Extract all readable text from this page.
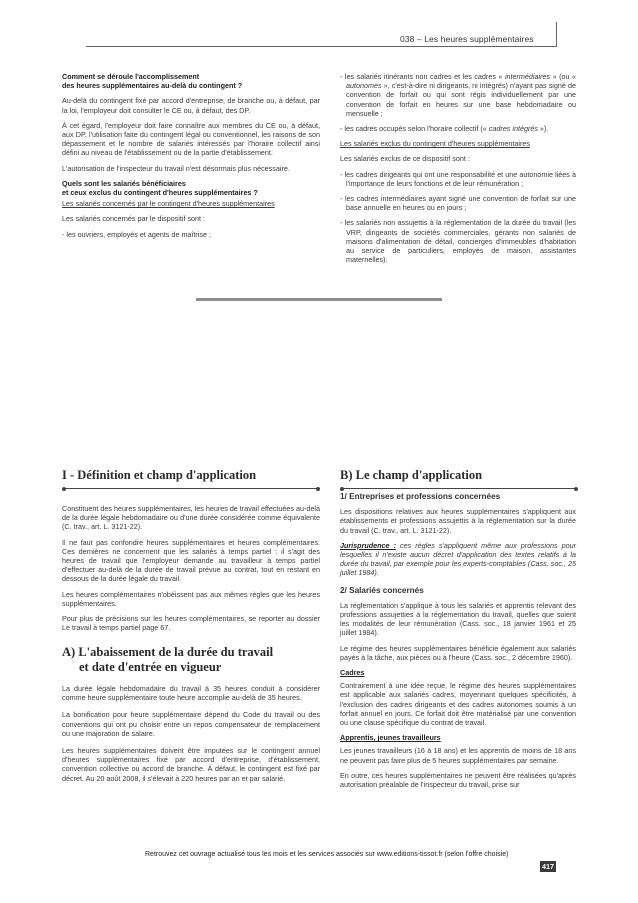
038 – Les heures supplémentaires
Comment se déroule l'accomplissement
des heures supplémentaires au-delà du contingent ?

Au-delà du contingent fixé par accord d'entreprise, de branche ou, à défaut, par la loi, l'employeur doit consulter le CE ou, à défaut, des DP.

À cet égard, l'employeur doit faire connaître aux membres du CE ou, à défaut, aux DP, l'utilisation faite du contingent légal ou conventionnel, les raisons de son dépassement et le nombre de salariés intéressés par l'horaire collectif ainsi défini au niveau de l'établissement ou de la partie d'établissement.

L'autorisation de l'inspecteur du travail n'est désormais plus nécessaire.

Quels sont les salariés bénéficiaires
et ceux exclus du contingent d'heures supplémentaires ?

Les salariés concernés par le contingent d'heures supplémentaires

Les salariés concernés par le dispositif sont :

- les ouvriers, employés et agents de maîtrise ;

- les salariés itinérants non cadres et les cadres « intermédiaires » (ou « autonomes », c'est-à-dire ni dirigeants, ni intégrés) n'ayant pas signé de convention de forfait ou qui sont régis individuellement par une convention de forfait en heures sur une base hebdomadaire ou mensuelle ;

- les cadres occupés selon l'horaire collectif (« cadres intégrés »).

Les salariés exclus du contingent d'heures supplémentaires

Les salariés exclus de ce dispositif sont :

- les cadres dirigeants qui ont une responsabilité et une autonomie liées à l'importance de leurs fonctions et de leur rémunération ;

- les cadres intermédiaires ayant signé une convention de forfait sur une base annuelle en heures ou en jours ;

- les salariés non assujettis à la réglementation de la durée du travail (les VRP, dirigeants de sociétés commerciales, gérants non salariés de maisons d'alimentation de détail, concierges d'immeubles d'habitation au service de particuliers, employés de maison, assistantes maternelles).

I - Définition et champ d'application

Constituent des heures supplémentaires, les heures de travail effectuées au-delà de la durée légale hebdomadaire ou d'une durée considérée comme équivalente (C. trav., art. L. 3121-22).

Il ne faut pas confondre heures supplémentaires et heures complémentaires. Ces dernières ne concernent que les salariés à temps partiel : il s'agit des heures de travail que l'employeur demande au travailleur à temps partiel d'effectuer au-delà de la durée de travail prévue au contrat, tout en restant en dessous de la durée légale du travail.

Les heures complémentaires n'obéissent pas aux mêmes règles que les heures supplémentaires.

Pour plus de précisions sur les heures complémentaires, se reporter au dossier Le travail à temps partiel page 67.

A) L'abaissement de la durée du travail
et date d'entrée en vigueur

La durée légale hebdomadaire du travail à 35 heures conduit à considérer comme heure supplémentaire toute heure accomplie au-delà de 35 heures.

La bonification pour heure supplémentaire dépend du Code du travail ou des conventions qui ont pu choisir entre un repos compensateur de remplacement ou une majoration de salaire.

Les heures supplémentaires doivent être imputées sur le contingent annuel d'heures supplémentaires fixé par accord d'entreprise, d'établissement, convention collective ou accord de branche. À défaut, le contingent est fixé par décret. Au 20 août 2008, il s'élevait à 220 heures par an et par salarié.

B) Le champ d'application
1/ Entreprises et professions concernées

Les dispositions relatives aux heures supplémentaires s'appliquent aux établissements et professions assujettis à la réglementation sur la durée du travail (C. trav., art. L. 3121-22).

Jurisprudence : ces règles s'appliquent même aux professions pour lesquelles il n'existe aucun décret d'application des textes relatifs à la durée du travail, par exemple pour les experts-comptables (Cass. soc., 25 juillet 1984).

2/ Salariés concernés

La réglementation s'applique à tous les salariés et apprentis relevant des professions assujetties à la réglementation du travail, quelles que soient les modalités de leur rémunération (Cass. soc., 18 janvier 1961 et 25 juillet 1984).

Le régime des heures supplémentaires bénéficie également aux salariés payés à la tâche, aux pièces ou à l'heure (Cass. soc., 2 décembre 1960).

Cadres

Contrairement à une idée reçue, le régime des heures supplémentaires est applicable aux salariés cadres, moyennant quelques spécificités, à l'exclusion des cadres dirigeants et des cadres autonomes soumis à un forfait annuel en jours. Ce forfait doit être matérialisé par une convention ou une clause spécifique du contrat de travail.

Apprentis, jeunes travailleurs

Les jeunes travailleurs (16 à 18 ans) et les apprentis de moins de 18 ans ne peuvent pas faire plus de 5 heures supplémentaires par semaine.

En outre, ces heures supplémentaires ne peuvent être réalisées qu'après autorisation préalable de l'inspecteur du travail, prise sur

Retrouvez cet ouvrage actualisé tous les mois et les services associés sur www.editions-tissot.fr (selon l'offre choisie)
417
